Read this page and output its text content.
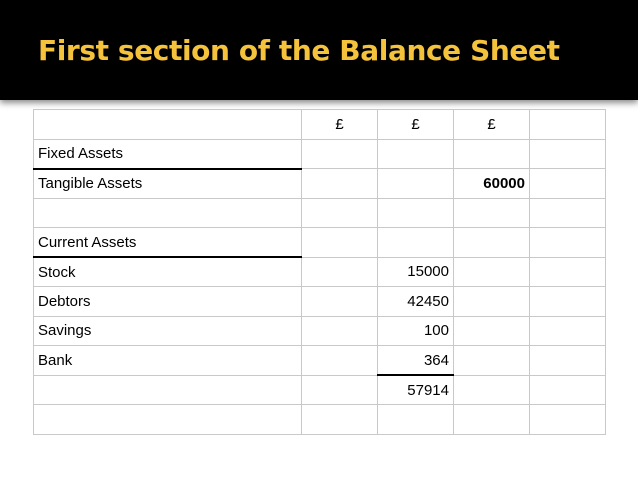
First section of the Balance Sheet
	£	£	£	
Fixed Assets				
Tangible Assets			60000	

Current Assets				
Stock		15000		
Debtors		42450		
Savings		100		
Bank		364		
		57914		
